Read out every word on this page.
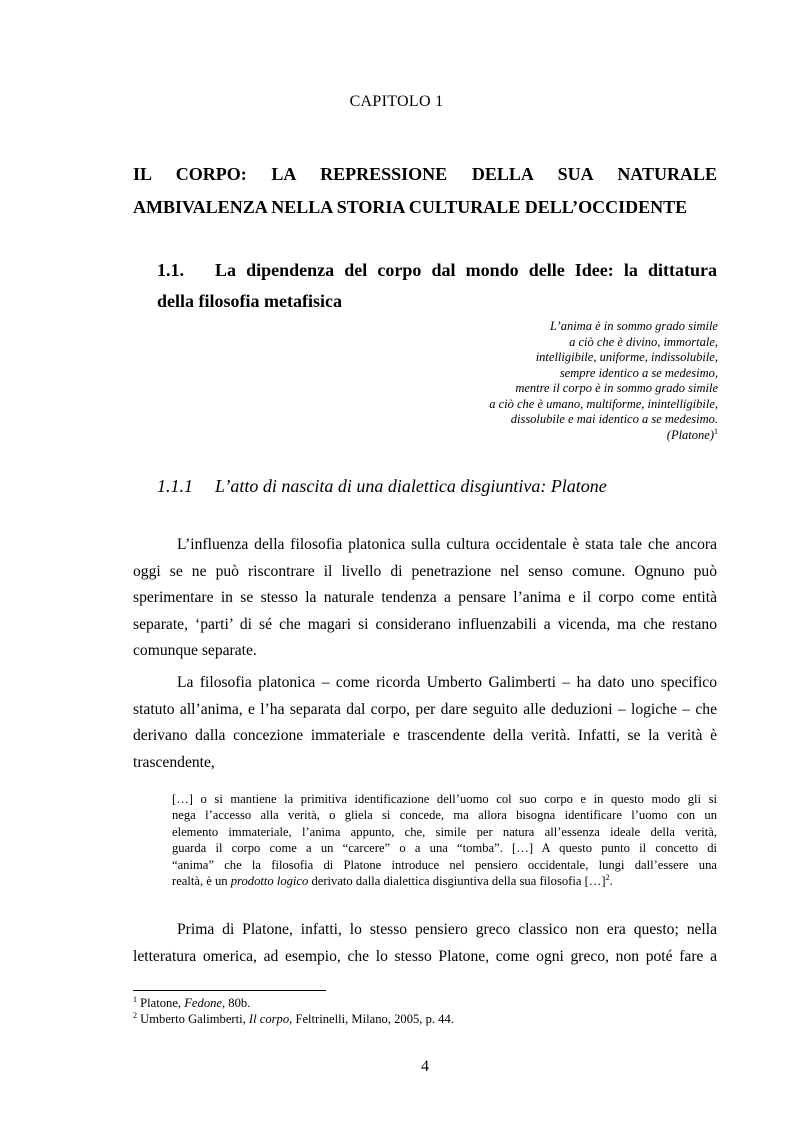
CAPITOLO 1
IL CORPO: LA REPRESSIONE DELLA SUA NATURALE
AMBIVALENZA NELLA STORIA CULTURALE DELL’OCCIDENTE
1.1.	La dipendenza del corpo dal mondo delle Idee: la dittatura
della filosofia metafisica
L’anima è in sommo grado simile
a ciò che è divino, immortale,
intelligibile, uniforme, indissolubile,
sempre identico a se medesimo,
mentre il corpo è in sommo grado simile
a ciò che è umano, multiforme, inintelligibile,
dissolubile e mai identico a se medesimo.
(Platone)$^1$
1.1.1 L’atto di nascita di una dialettica disgiuntiva: Platone
L’influenza della filosofia platonica sulla cultura occidentale è stata tale che ancora
oggi se ne può riscontrare il livello di penetrazione nel senso comune. Ognuno può
sperimentare in se stesso la naturale tendenza a pensare l’anima e il corpo come entità
separate, ‘parti’ di sé che magari si considerano influenzabili a vicenda, ma che restano
comunque separate.
La filosofia platonica – come ricorda Umberto Galimberti – ha dato uno specifico
statuto all’anima, e l’ha separata dal corpo, per dare seguito alle deduzioni – logiche – che
derivano dalla concezione immateriale e trascendente della verità. Infatti, se la verità è
trascendente,
[…] o si mantiene la primitiva identificazione dell’uomo col suo corpo e in questo modo gli si
nega l’accesso alla verità, o gliela si concede, ma allora bisogna identificare l’uomo con un
elemento immateriale, l’anima appunto, che, simile per natura all’essenza ideale della verità,
guarda il corpo come a un “carcere” o a una “tomba”. […] A questo punto il concetto di
“anima” che la filosofia di Platone introduce nel pensiero occidentale, lungi dall’essere una
realtà, è un prodotto logico derivato dalla dialettica disgiuntiva della sua filosofia […]$^2$.
Prima di Platone, infatti, lo stesso pensiero greco classico non era questo; nella
letteratura omerica, ad esempio, che lo stesso Platone, come ogni greco, non poté fare a
$^1$ Platone, Fedone, 80b.
$^2$ Umberto Galimberti, Il corpo, Feltrinelli, Milano, 2005, p. 44.
4
